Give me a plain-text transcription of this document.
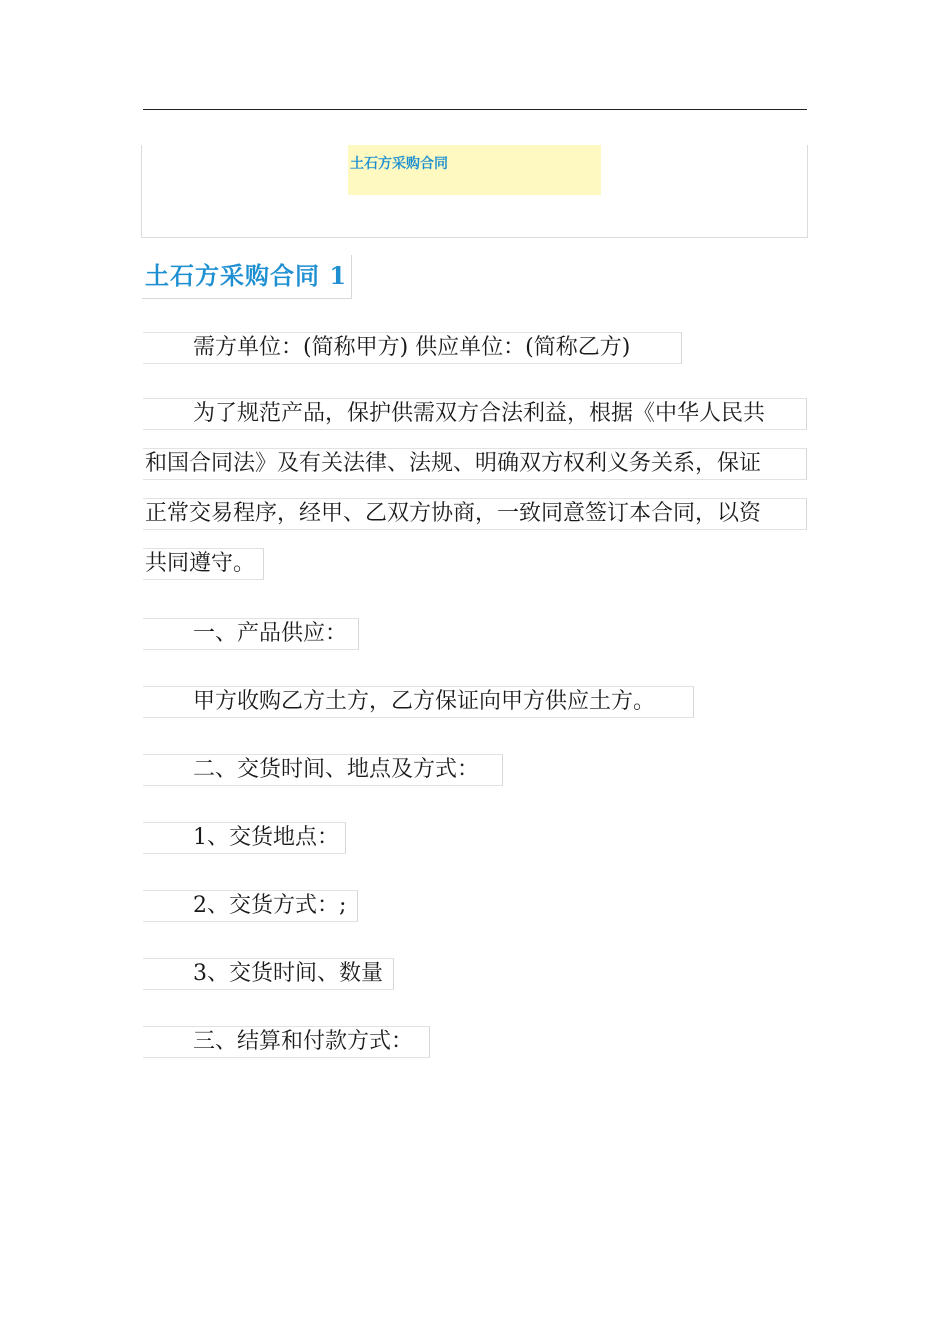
土石方采购合同
土石方采购合同 1
需方单位：(简称甲方) 供应单位：(简称乙方)
为了规范产品，保护供需双方合法利益，根据《中华人民共
和国合同法》及有关法律、法规、明确双方权利义务关系，保证
正常交易程序，经甲、乙双方协商，一致同意签订本合同，以资
共同遵守。
一、产品供应：
甲方收购乙方土方，乙方保证向甲方供应土方。
二、交货时间、地点及方式：
1、交货地点：
2、交货方式：;
3、交货时间、数量
三、结算和付款方式：
